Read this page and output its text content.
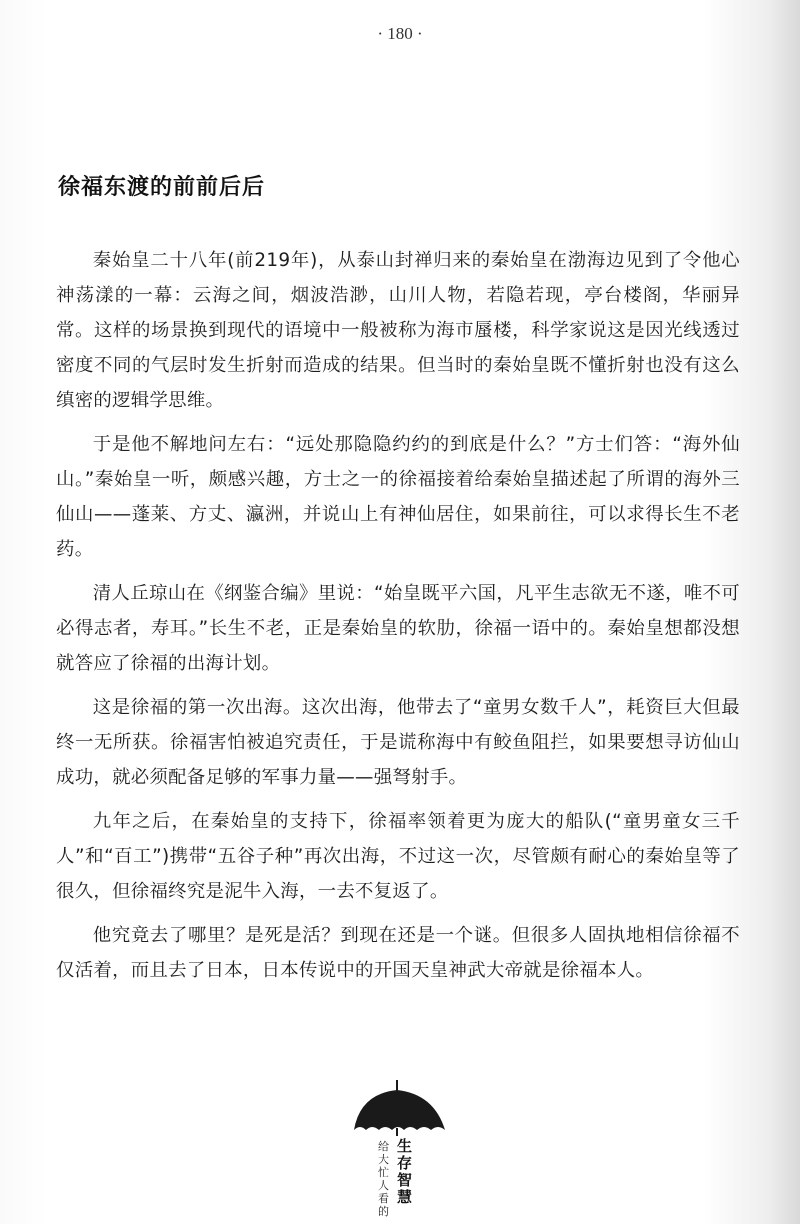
· 180 ·
徐福东渡的前前后后

秦始皇二十八年(前219年)，从泰山封禅归来的秦始皇在渤海边见到了令他心神荡漾的一幕：云海之间，烟波浩渺，山川人物，若隐若现，亭台楼阁，华丽异常。这样的场景换到现代的语境中一般被称为海市蜃楼，科学家说这是因光线透过密度不同的气层时发生折射而造成的结果。但当时的秦始皇既不懂折射也没有这么缜密的逻辑学思维。

于是他不解地问左右：“远处那隐隐约约的到底是什么？”方士们答：“海外仙山。”秦始皇一听，颇感兴趣，方士之一的徐福接着给秦始皇描述起了所谓的海外三仙山——蓬莱、方丈、瀛洲，并说山上有神仙居住，如果前往，可以求得长生不老药。

清人丘琼山在《纲鉴合编》里说：“始皇既平六国，凡平生志欲无不遂，唯不可必得志者，寿耳。”长生不老，正是秦始皇的软肋，徐福一语中的。秦始皇想都没想就答应了徐福的出海计划。

这是徐福的第一次出海。这次出海，他带去了“童男女数千人”，耗资巨大但最终一无所获。徐福害怕被追究责任，于是谎称海中有鲛鱼阻拦，如果要想寻访仙山成功，就必须配备足够的军事力量——强弩射手。

九年之后，在秦始皇的支持下，徐福率领着更为庞大的船队(“童男童女三千人”和“百工”)携带“五谷子种”再次出海，不过这一次，尽管颇有耐心的秦始皇等了很久，但徐福终究是泥牛入海，一去不复返了。

他究竟去了哪里？是死是活？到现在还是一个谜。但很多人固执地相信徐福不仅活着，而且去了日本，日本传说中的开国天皇神武大帝就是徐福本人。

生存智慧
给大忙人看的
